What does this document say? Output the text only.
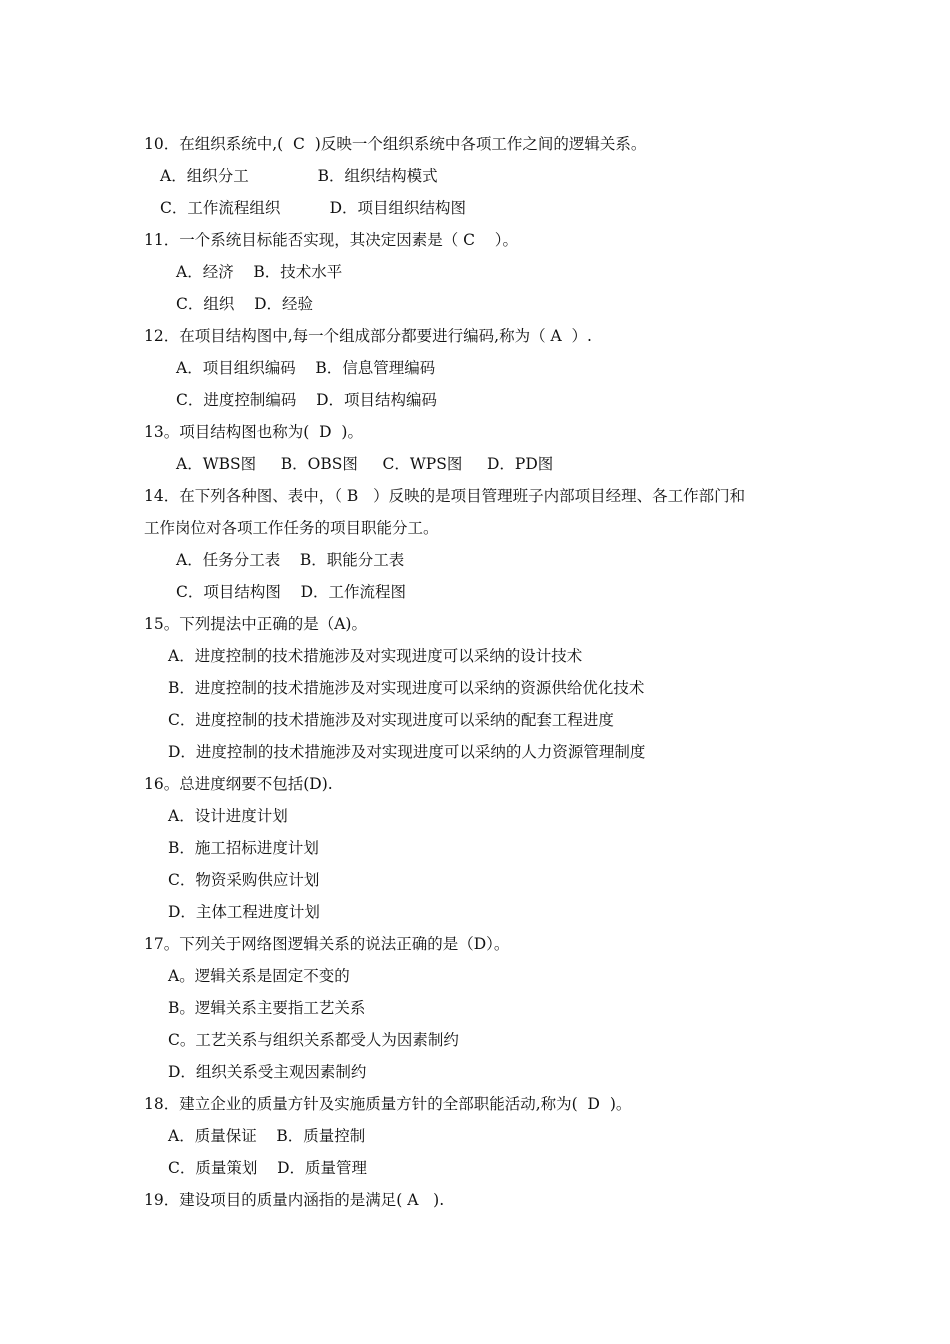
10．在组织系统中,(  C  )反映一个组织系统中各项工作之间的逻辑关系。
A．组织分工              B．组织结构模式
C．工作流程组织          D．项目组织结构图
11．一个系统目标能否实现，其决定因素是（ C    ）。
A．经济    B．技术水平
C．组织    D．经验
12．在项目结构图中,每一个组成部分都要进行编码,称为（ A  ）.
A．项目组织编码    B．信息管理编码
C．进度控制编码    D．项目结构编码
13。项目结构图也称为(  D  )。
A．WBS图     B．OBS图     C．WPS图     D．PD图
14．在下列各种图、表中，（ B   ）反映的是项目管理班子内部项目经理、各工作部门和
工作岗位对各项工作任务的项目职能分工。
A．任务分工表    B．职能分工表
C．项目结构图    D．工作流程图
15。下列提法中正确的是（A)。
A．进度控制的技术措施涉及对实现进度可以采纳的设计技术
B．进度控制的技术措施涉及对实现进度可以采纳的资源供给优化技术
C．进度控制的技术措施涉及对实现进度可以采纳的配套工程进度
D．进度控制的技术措施涉及对实现进度可以采纳的人力资源管理制度
16。总进度纲要不包括(D).
A．设计进度计划
B．施工招标进度计划
C．物资采购供应计划
D．主体工程进度计划
17。下列关于网络图逻辑关系的说法正确的是（D）。
A。逻辑关系是固定不变的
B。逻辑关系主要指工艺关系
C。工艺关系与组织关系都受人为因素制约
D．组织关系受主观因素制约
18．建立企业的质量方针及实施质量方针的全部职能活动,称为(  D  )。
A．质量保证    B．质量控制
C．质量策划    D．质量管理
19．建设项目的质量内涵指的是满足( A   ).
